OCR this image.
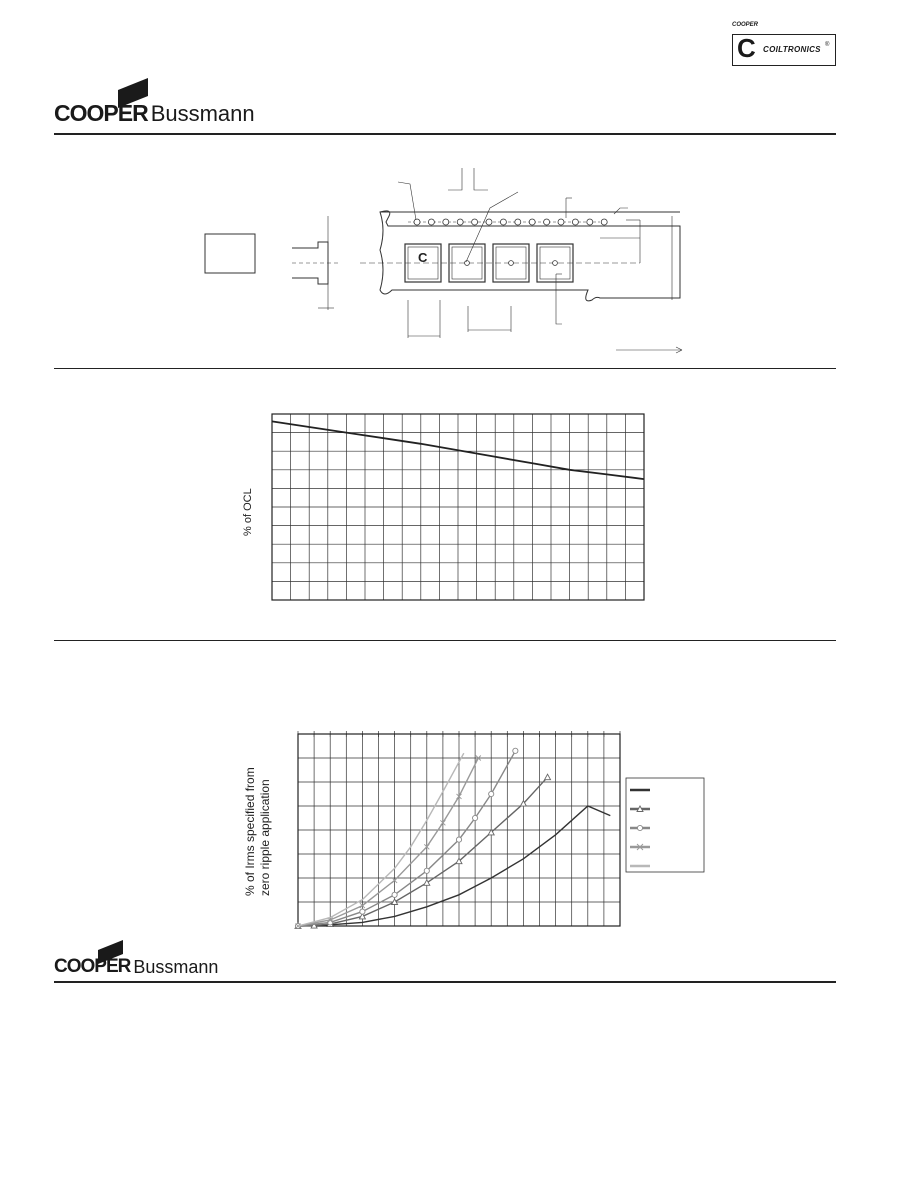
COOPER Bussmann
C COILTRONICS ®
COOPER
C
% of OCL
% of Irms specified from zero ripple application
COOPER Bussmann
